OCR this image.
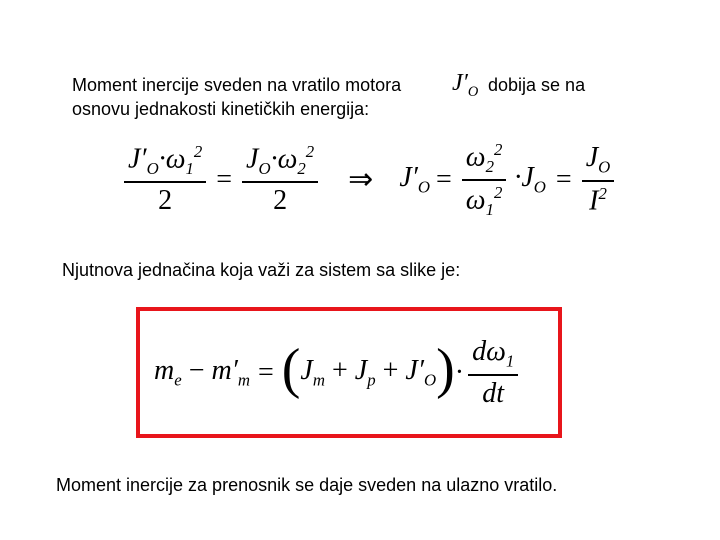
Moment inercije sveden na vratilo motora $J'_O$ dobija se na
osnovu jednakosti kinetičkih energija:
$\frac{J'_O\cdot\omega_1^2}{2} = \frac{J_O\cdot\omega_2^2}{2}$ ⇒ $J'_O = \frac{\omega_2^2}{\omega_1^2} \cdot J_O = \frac{J_O}{I^2}$
Njutnova jednačina koja važi za sistem sa slike je:
$m_e - m'_m$ = ( $J_m + J_p + J'_O$ ) · $\frac{d\omega_1}{dt}$
Moment inercije za prenosnik se daje sveden na ulazno vratilo.
